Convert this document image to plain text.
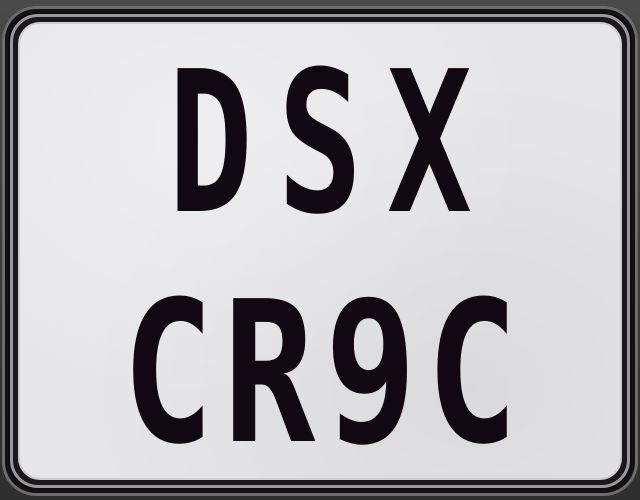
DSX
CR9C
